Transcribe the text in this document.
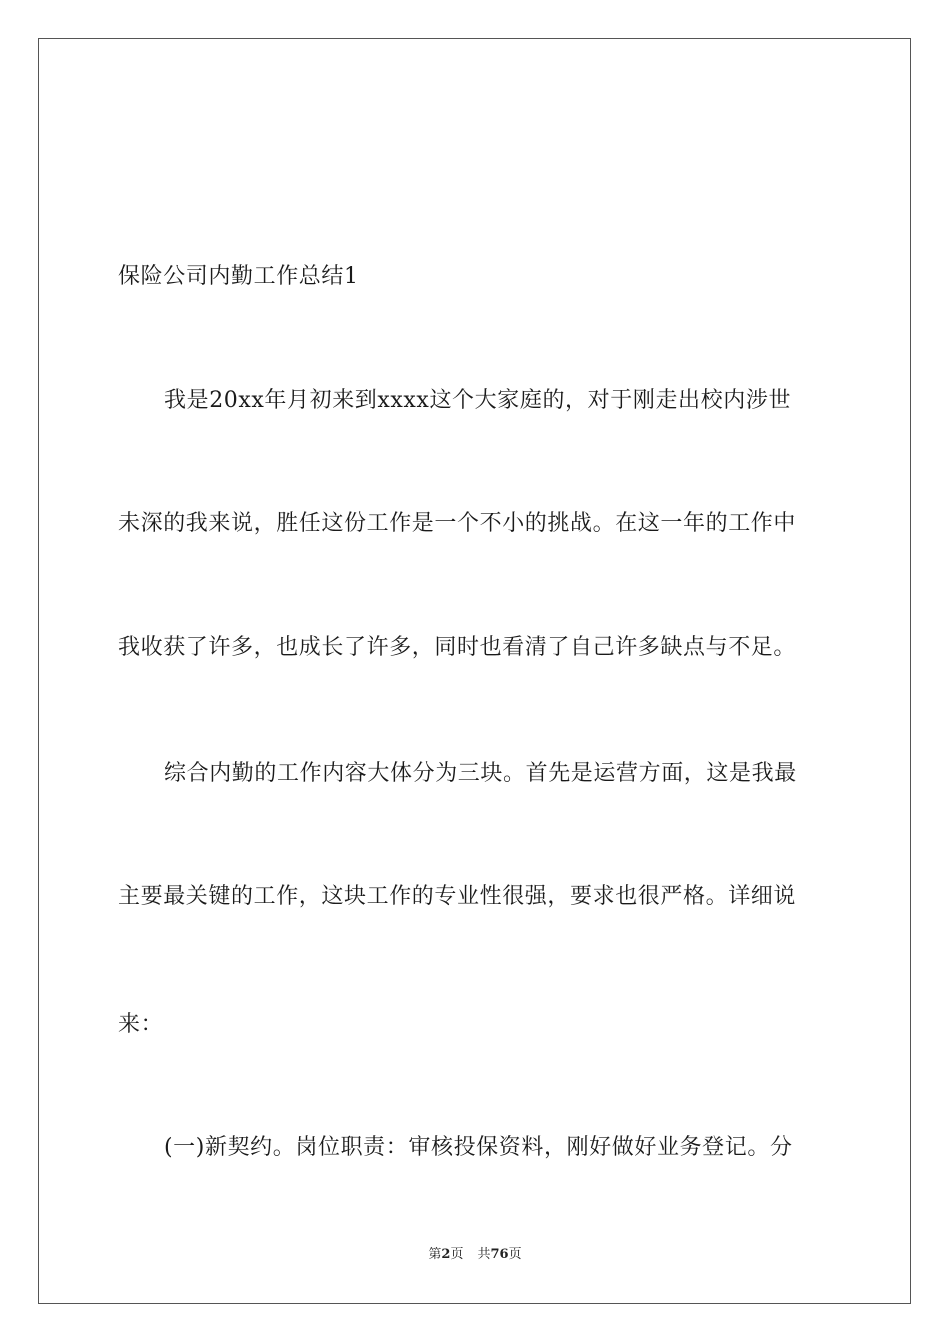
保险公司内勤工作总结1
我是20xx年月初来到xxxx这个大家庭的，对于刚走出校内涉世
未深的我来说，胜任这份工作是一个不小的挑战。在这一年的工作中
我收获了许多，也成长了许多，同时也看清了自己许多缺点与不足。
综合内勤的工作内容大体分为三块。首先是运营方面，这是我最
主要最关键的工作，这块工作的专业性很强，要求也很严格。详细说
来：
(一)新契约。岗位职责：审核投保资料，刚好做好业务登记。分
第2页 共76页
